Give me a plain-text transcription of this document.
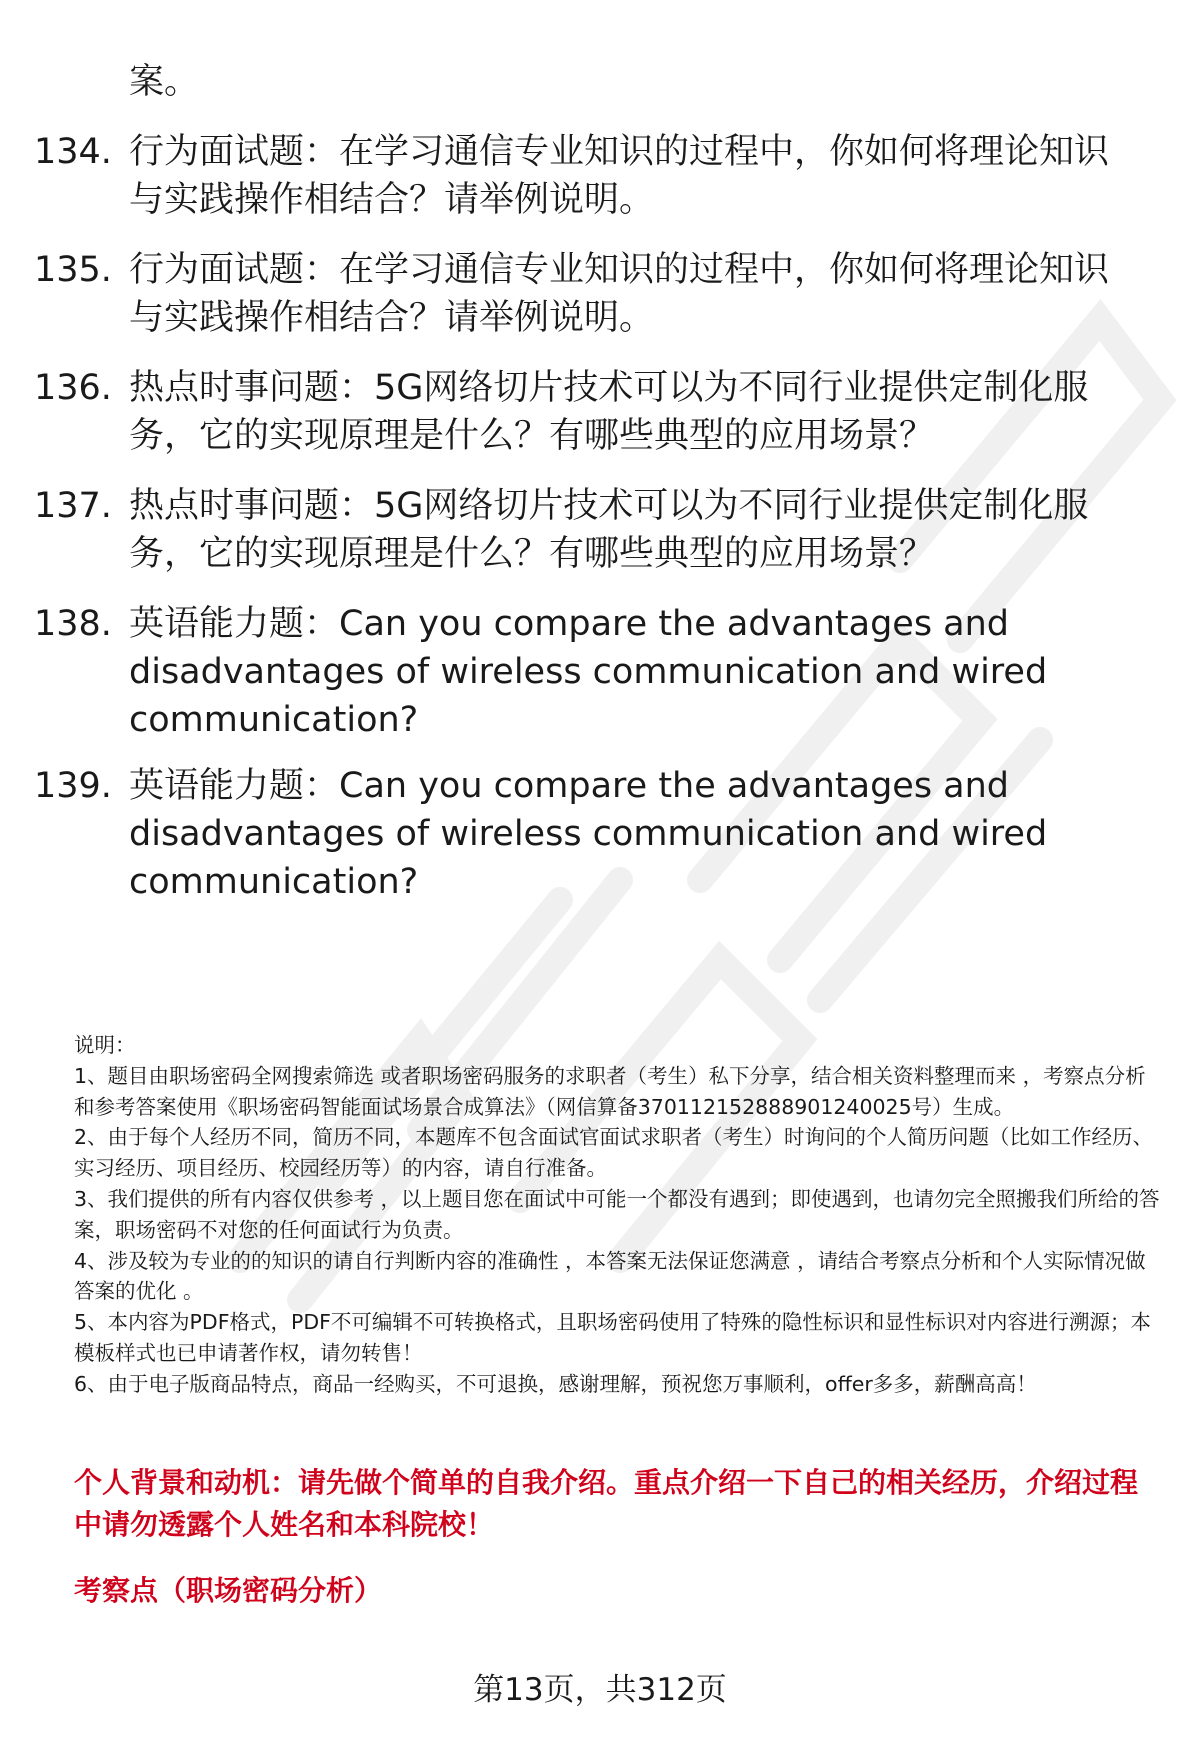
案。
134. 行为面试题：在学习通信专业知识的过程中，你如何将理论知识
与实践操作相结合？请举例说明。
135. 行为面试题：在学习通信专业知识的过程中，你如何将理论知识
与实践操作相结合？请举例说明。
136. 热点时事问题：5G网络切片技术可以为不同行业提供定制化服
务，它的实现原理是什么？有哪些典型的应用场景？
137. 热点时事问题：5G网络切片技术可以为不同行业提供定制化服
务，它的实现原理是什么？有哪些典型的应用场景？
138. 英语能力题：Can you compare the advantages and
disadvantages of wireless communication and wired
communication?
139. 英语能力题：Can you compare the advantages and
disadvantages of wireless communication and wired
communication?
说明：
1、题目由职场密码全网搜索筛选 或者职场密码服务的求职者（考生）私下分享，结合相关资料整理而来 ，考察点分析和参考答案使用《职场密码智能面试场景合成算法》（网信算备370112152888901240025号）生成。
2、由于每个人经历不同，简历不同，本题库不包含面试官面试求职者（考生）时询问的个人简历问题（比如工作经历、实习经历、项目经历、校园经历等）的内容，请自行准备。
3、我们提供的所有内容仅供参考 ，以上题目您在面试中可能一个都没有遇到；即使遇到，也请勿完全照搬我们所给的答案，职场密码不对您的任何面试行为负责。
4、涉及较为专业的的知识的请自行判断内容的准确性 ，本答案无法保证您满意 ，请结合考察点分析和个人实际情况做答案的优化 。
5、本内容为PDF格式，PDF不可编辑不可转换格式，且职场密码使用了特殊的隐性标识和显性标识对内容进行溯源；本模板样式也已申请著作权，请勿转售！
6、由于电子版商品特点，商品一经购买，不可退换，感谢理解，预祝您万事顺利，offer多多，薪酬高高！
个人背景和动机：请先做个简单的自我介绍。重点介绍一下自己的相关经历，介绍过程中请勿透露个人姓名和本科院校！
考察点（职场密码分析）
第13页，共312页
